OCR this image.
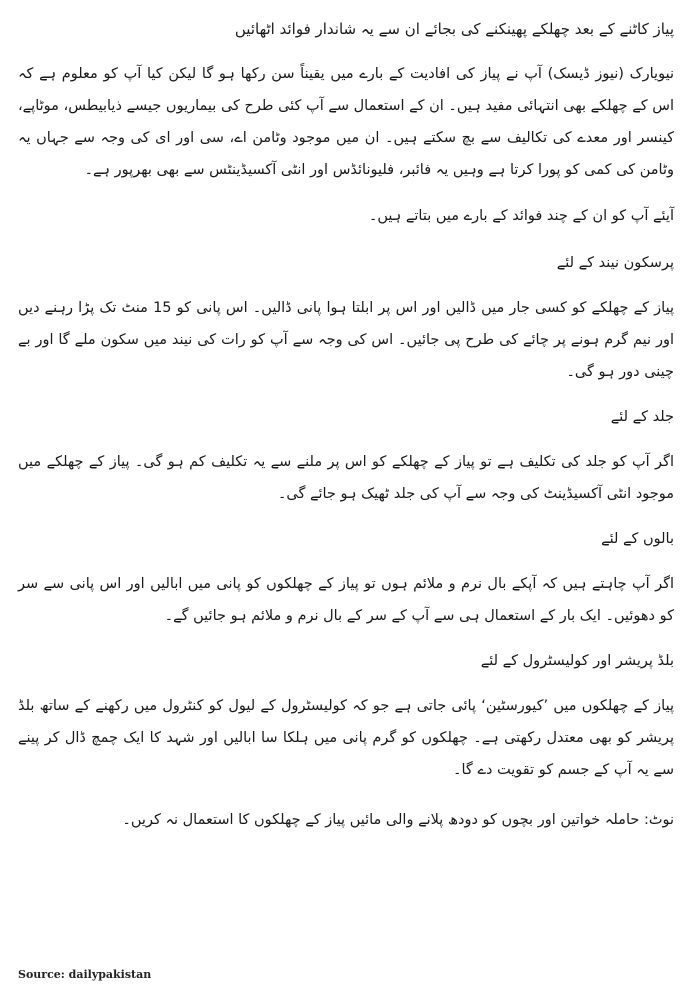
پیاز کاٹنے کے بعد چھلکے پھینکنے کی بجائے ان سے یہ شاندار فوائد اٹھائیں

نیویارک (نیوز ڈیسک) آپ نے پیاز کی افادیت کے بارے میں یقیناً سن رکھا ہو گا لیکن کیا آپ کو معلوم ہے کہ اس کے چھلکے بھی انتہائی مفید ہیں۔ ان کے استعمال سے آپ کئی طرح کی بیماریوں جیسے ذیابیطس، موٹاپے، کینسر اور معدے کی تکالیف سے بچ سکتے ہیں۔ ان میں موجود وٹامن اے، سی اور ای کی وجہ سے جہاں یہ وٹامن کی کمی کو پورا کرتا ہے وہیں یہ فائبر، فلیونائڈس اور انٹی آکسیڈینٹس سے بھی بھرپور ہے۔

آیئے آپ کو ان کے چند فوائد کے بارے میں بتاتے ہیں۔

پرسکون نیند کے لئے

پیاز کے چھلکے کو کسی جار میں ڈالیں اور اس پر ابلتا ہوا پانی ڈالیں۔ اس پانی کو 15 منٹ تک پڑا رہنے دیں اور نیم گرم ہونے پر چائے کی طرح پی جائیں۔ اس کی وجہ سے آپ کو رات کی نیند میں سکون ملے گا اور بے چینی دور ہو گی۔

جلد کے لئے

اگر آپ کو جلد کی تکلیف ہے تو پیاز کے چھلکے کو اس پر ملنے سے یہ تکلیف کم ہو گی۔ پیاز کے چھلکے میں موجود انٹی آکسیڈینٹ کی وجہ سے آپ کی جلد ٹھیک ہو جائے گی۔

بالوں کے لئے

اگر آپ چاہتے ہیں کہ آپکے بال نرم و ملائم ہوں تو پیاز کے چھلکوں کو پانی میں ابالیں اور اس پانی سے سر کو دھوئیں۔ ایک بار کے استعمال ہی سے آپ کے سر کے بال نرم و ملائم ہو جائیں گے۔

بلڈ پریشر اور کولیسٹرول کے لئے

پیاز کے چھلکوں میں ’کیورسٹین‘ پائی جاتی ہے جو کہ کولیسٹرول کے لیول کو کنٹرول میں رکھنے کے ساتھ بلڈ پریشر کو بھی معتدل رکھتی ہے۔ چھلکوں کو گرم پانی میں ہلکا سا ابالیں اور شہد کا ایک چمچ ڈال کر پینے سے یہ آپ کے جسم کو تقویت دے گا۔

نوٹ: حاملہ خواتین اور بچوں کو دودھ پلانے والی مائیں پیاز کے چھلکوں کا استعمال نہ کریں۔

Source: dailypakistan
